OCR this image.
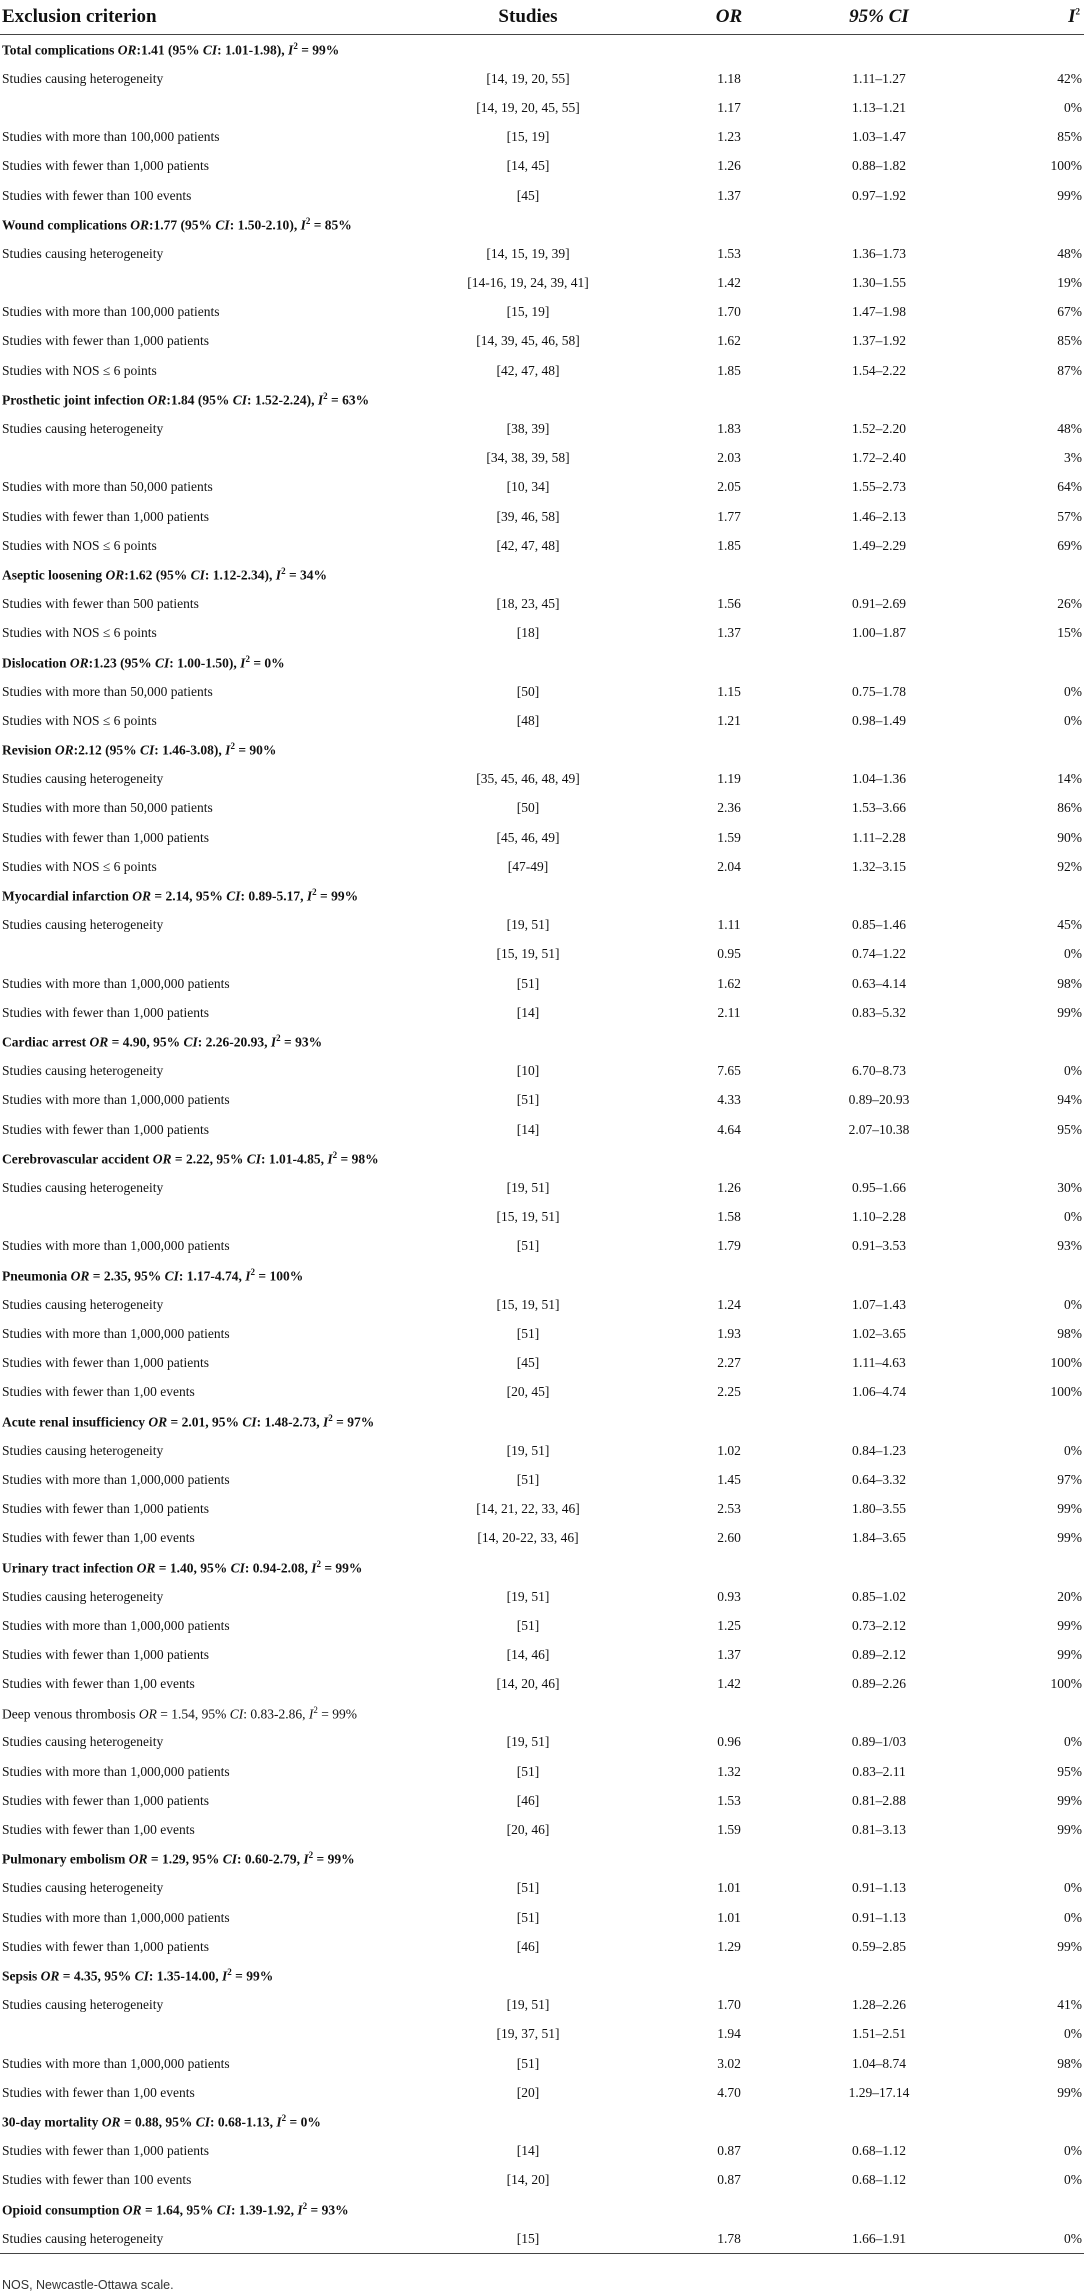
Exclusion criterion	Studies	OR	95% CI	$I^2$
Total complications OR:1.41 (95% CI: 1.01-1.98), $I^2 = 99\%$				
Studies causing heterogeneity	[14, 19, 20, 55]	1.18	1.11–1.27	42%
	[14, 19, 20, 45, 55]	1.17	1.13–1.21	0%
Studies with more than 100,000 patients	[15, 19]	1.23	1.03–1.47	85%
Studies with fewer than 1,000 patients	[14, 45]	1.26	0.88–1.82	100%
Studies with fewer than 100 events	[45]	1.37	0.97–1.92	99%
Wound complications OR:1.77 (95% CI: 1.50-2.10), $I^2 = 85\%$				
Studies causing heterogeneity	[14, 15, 19, 39]	1.53	1.36–1.73	48%
	[14-16, 19, 24, 39, 41]	1.42	1.30–1.55	19%
Studies with more than 100,000 patients	[15, 19]	1.70	1.47–1.98	67%
Studies with fewer than 1,000 patients	[14, 39, 45, 46, 58]	1.62	1.37–1.92	85%
Studies with NOS ≤ 6 points	[42, 47, 48]	1.85	1.54–2.22	87%
Prosthetic joint infection OR:1.84 (95% CI: 1.52-2.24), $I^2 = 63\%$				
Studies causing heterogeneity	[38, 39]	1.83	1.52–2.20	48%
	[34, 38, 39, 58]	2.03	1.72–2.40	3%
Studies with more than 50,000 patients	[10, 34]	2.05	1.55–2.73	64%
Studies with fewer than 1,000 patients	[39, 46, 58]	1.77	1.46–2.13	57%
Studies with NOS ≤ 6 points	[42, 47, 48]	1.85	1.49–2.29	69%
Aseptic loosening OR:1.62 (95% CI: 1.12-2.34), $I^2 = 34\%$				
Studies with fewer than 500 patients	[18, 23, 45]	1.56	0.91–2.69	26%
Studies with NOS ≤ 6 points	[18]	1.37	1.00–1.87	15%
Dislocation OR:1.23 (95% CI: 1.00-1.50), $I^2 = 0\%$				
Studies with more than 50,000 patients	[50]	1.15	0.75–1.78	0%
Studies with NOS ≤ 6 points	[48]	1.21	0.98–1.49	0%
Revision OR:2.12 (95% CI: 1.46-3.08), $I^2 = 90\%$				
Studies causing heterogeneity	[35, 45, 46, 48, 49]	1.19	1.04–1.36	14%
Studies with more than 50,000 patients	[50]	2.36	1.53–3.66	86%
Studies with fewer than 1,000 patients	[45, 46, 49]	1.59	1.11–2.28	90%
Studies with NOS ≤ 6 points	[47-49]	2.04	1.32–3.15	92%
Myocardial infarction OR = 2.14, 95% CI: 0.89-5.17, $I^2 = 99\%$				
Studies causing heterogeneity	[19, 51]	1.11	0.85–1.46	45%
	[15, 19, 51]	0.95	0.74–1.22	0%
Studies with more than 1,000,000 patients	[51]	1.62	0.63–4.14	98%
Studies with fewer than 1,000 patients	[14]	2.11	0.83–5.32	99%
Cardiac arrest OR = 4.90, 95% CI: 2.26-20.93, $I^2 = 93\%$				
Studies causing heterogeneity	[10]	7.65	6.70–8.73	0%
Studies with more than 1,000,000 patients	[51]	4.33	0.89–20.93	94%
Studies with fewer than 1,000 patients	[14]	4.64	2.07–10.38	95%
Cerebrovascular accident OR = 2.22, 95% CI: 1.01-4.85, $I^2 = 98\%$				
Studies causing heterogeneity	[19, 51]	1.26	0.95–1.66	30%
	[15, 19, 51]	1.58	1.10–2.28	0%
Studies with more than 1,000,000 patients	[51]	1.79	0.91–3.53	93%
Pneumonia OR = 2.35, 95% CI: 1.17-4.74, $I^2 = 100\%$				
Studies causing heterogeneity	[15, 19, 51]	1.24	1.07–1.43	0%
Studies with more than 1,000,000 patients	[51]	1.93	1.02–3.65	98%
Studies with fewer than 1,000 patients	[45]	2.27	1.11–4.63	100%
Studies with fewer than 1,00 events	[20, 45]	2.25	1.06–4.74	100%
Acute renal insufficiency OR = 2.01, 95% CI: 1.48-2.73, $I^2 = 97\%$				
Studies causing heterogeneity	[19, 51]	1.02	0.84–1.23	0%
Studies with more than 1,000,000 patients	[51]	1.45	0.64–3.32	97%
Studies with fewer than 1,000 patients	[14, 21, 22, 33, 46]	2.53	1.80–3.55	99%
Studies with fewer than 1,00 events	[14, 20-22, 33, 46]	2.60	1.84–3.65	99%
Urinary tract infection OR = 1.40, 95% CI: 0.94-2.08, $I^2 = 99\%$				
Studies causing heterogeneity	[19, 51]	0.93	0.85–1.02	20%
Studies with more than 1,000,000 patients	[51]	1.25	0.73–2.12	99%
Studies with fewer than 1,000 patients	[14, 46]	1.37	0.89–2.12	99%
Studies with fewer than 1,00 events	[14, 20, 46]	1.42	0.89–2.26	100%
Deep venous thrombosis OR = 1.54, 95% CI: 0.83-2.86, $I^2 = 99\%$				
Studies causing heterogeneity	[19, 51]	0.96	0.89–1/03	0%
Studies with more than 1,000,000 patients	[51]	1.32	0.83–2.11	95%
Studies with fewer than 1,000 patients	[46]	1.53	0.81–2.88	99%
Studies with fewer than 1,00 events	[20, 46]	1.59	0.81–3.13	99%
Pulmonary embolism OR = 1.29, 95% CI: 0.60-2.79, $I^2 = 99\%$				
Studies causing heterogeneity	[51]	1.01	0.91–1.13	0%
Studies with more than 1,000,000 patients	[51]	1.01	0.91–1.13	0%
Studies with fewer than 1,000 patients	[46]	1.29	0.59–2.85	99%
Sepsis OR = 4.35, 95% CI: 1.35-14.00, $I^2 = 99\%$				
Studies causing heterogeneity	[19, 51]	1.70	1.28–2.26	41%
	[19, 37, 51]	1.94	1.51–2.51	0%
Studies with more than 1,000,000 patients	[51]	3.02	1.04–8.74	98%
Studies with fewer than 1,00 events	[20]	4.70	1.29–17.14	99%
30-day mortality OR = 0.88, 95% CI: 0.68-1.13, $I^2 = 0\%$				
Studies with fewer than 1,000 patients	[14]	0.87	0.68–1.12	0%
Studies with fewer than 100 events	[14, 20]	0.87	0.68–1.12	0%
Opioid consumption OR = 1.64, 95% CI: 1.39-1.92, $I^2 = 93\%$				
Studies causing heterogeneity	[15]	1.78	1.66–1.91	0%
NOS, Newcastle-Ottawa scale.
